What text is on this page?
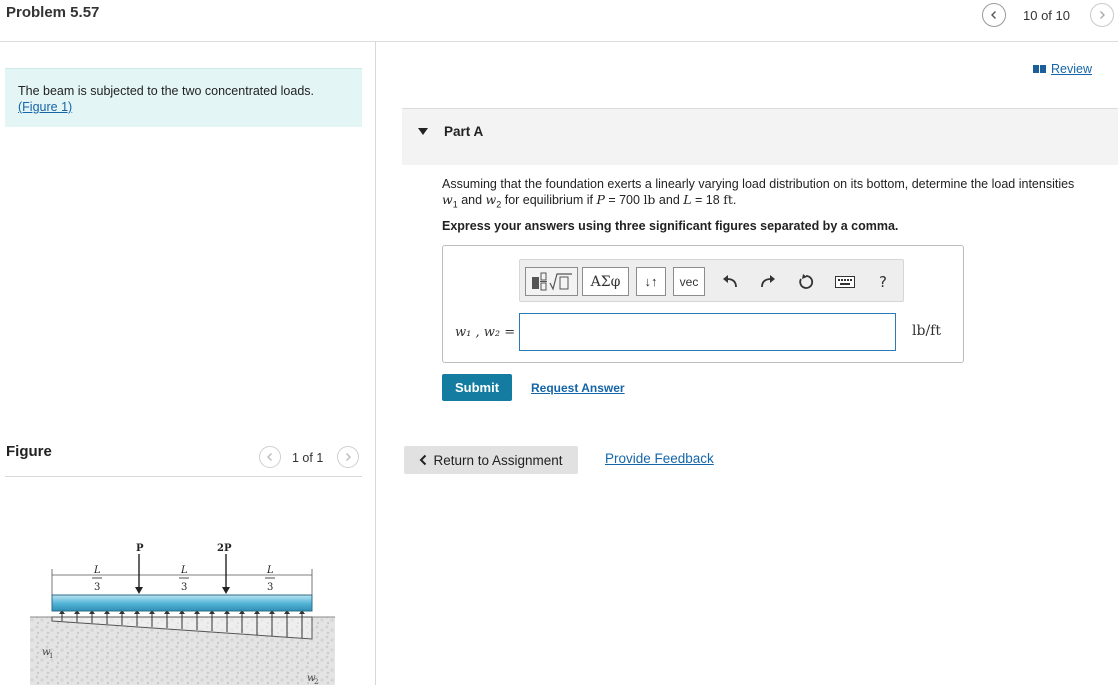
Problem 5.57	10 of 10
The beam is subjected to the two concentrated loads.
(Figure 1)
Figure	1 of 1
P	2P
L
3
L
3
L
3
w
1
w
2
Review
Part A
Assuming that the foundation exerts a linearly varying load distribution on its bottom, determine the load intensities
$w_1$ and $w_2$ for equilibrium if P = 700 lb and L = 18 ft.
Express your answers using three significant figures separated by a comma.
ΑΣφ	↓↑	vec	?
w₁ , w₂ =	lb/ft
Submit	Request Answer
Return to Assignment	Provide Feedback
